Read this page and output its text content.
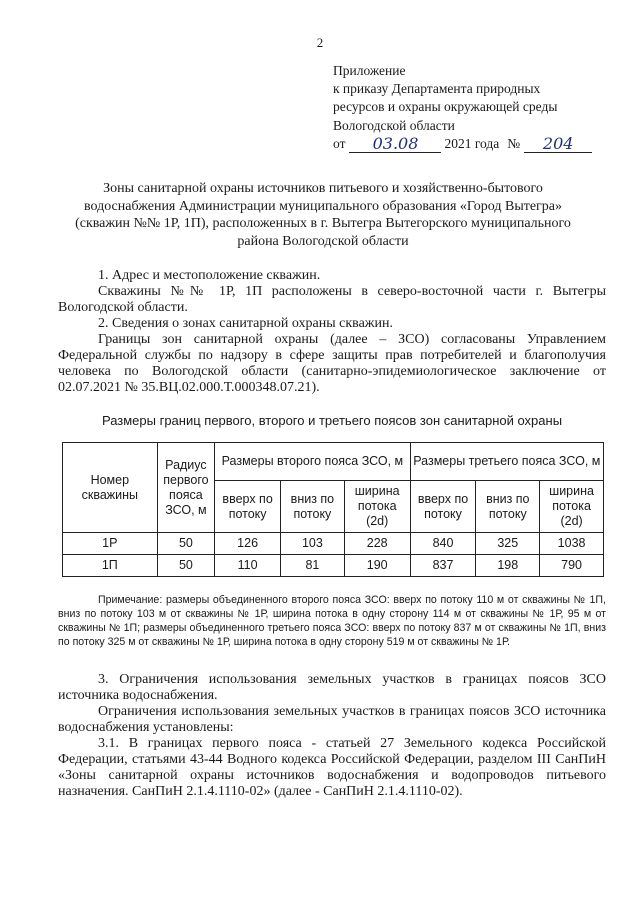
2
Приложение
к приказу Департамента природных
ресурсов и охраны окружающей среды
Вологодской области
от	03.08	2021 года №	204
Зоны санитарной охраны источников питьевого и хозяйственно-бытового водоснабжения Администрации муниципального образования «Город Вытегра» (скважин №№ 1Р, 1П), расположенных в г. Вытегра Вытегорского муниципального района Вологодской области

1. Адрес и местоположение скважин.

Скважины №№ 1Р, 1П расположены в северо-восточной части г. Вытегры Вологодской области.

2. Сведения о зонах санитарной охраны скважин.

Границы зон санитарной охраны (далее – ЗСО) согласованы Управлением Федеральной службы по надзору в сфере защиты прав потребителей и благополучия человека по Вологодской области (санитарно-эпидемиологическое заключение от 02.07.2021 № 35.ВЦ.02.000.Т.000348.07.21).

Размеры границ первого, второго и третьего поясов зон санитарной охраны
Номер скважины	Радиус первого пояса ЗСО, м	Размеры второго пояса ЗСО, м			Размеры третьего пояса ЗСО, м		
		вверх по потоку	вниз по потоку	ширина потока (2d)	вверх по потоку	вниз по потоку	ширина потока (2d)
1Р	50	126	103	228	840	325	1038
1П	50	110	81	190	837	198	790
Примечание: размеры объединенного второго пояса ЗСО: вверх по потоку 110 м от скважины № 1П, вниз по потоку 103 м от скважины № 1Р, ширина потока в одну сторону 114 м от скважины № 1Р, 95 м от скважины № 1П; размеры объединенного третьего пояса ЗСО: вверх по потоку 837 м от скважины № 1П, вниз по потоку 325 м от скважины № 1Р, ширина потока в одну сторону 519 м от скважины № 1Р.

3. Ограничения использования земельных участков в границах поясов ЗСО источника водоснабжения.

Ограничения использования земельных участков в границах поясов ЗСО источника водоснабжения установлены:

3.1. В границах первого пояса - статьей 27 Земельного кодекса Российской Федерации, статьями 43-44 Водного кодекса Российской Федерации, разделом III СанПиН «Зоны санитарной охраны источников водоснабжения и водопроводов питьевого назначения. СанПиН 2.1.4.1110-02» (далее - СанПиН 2.1.4.1110-02).
